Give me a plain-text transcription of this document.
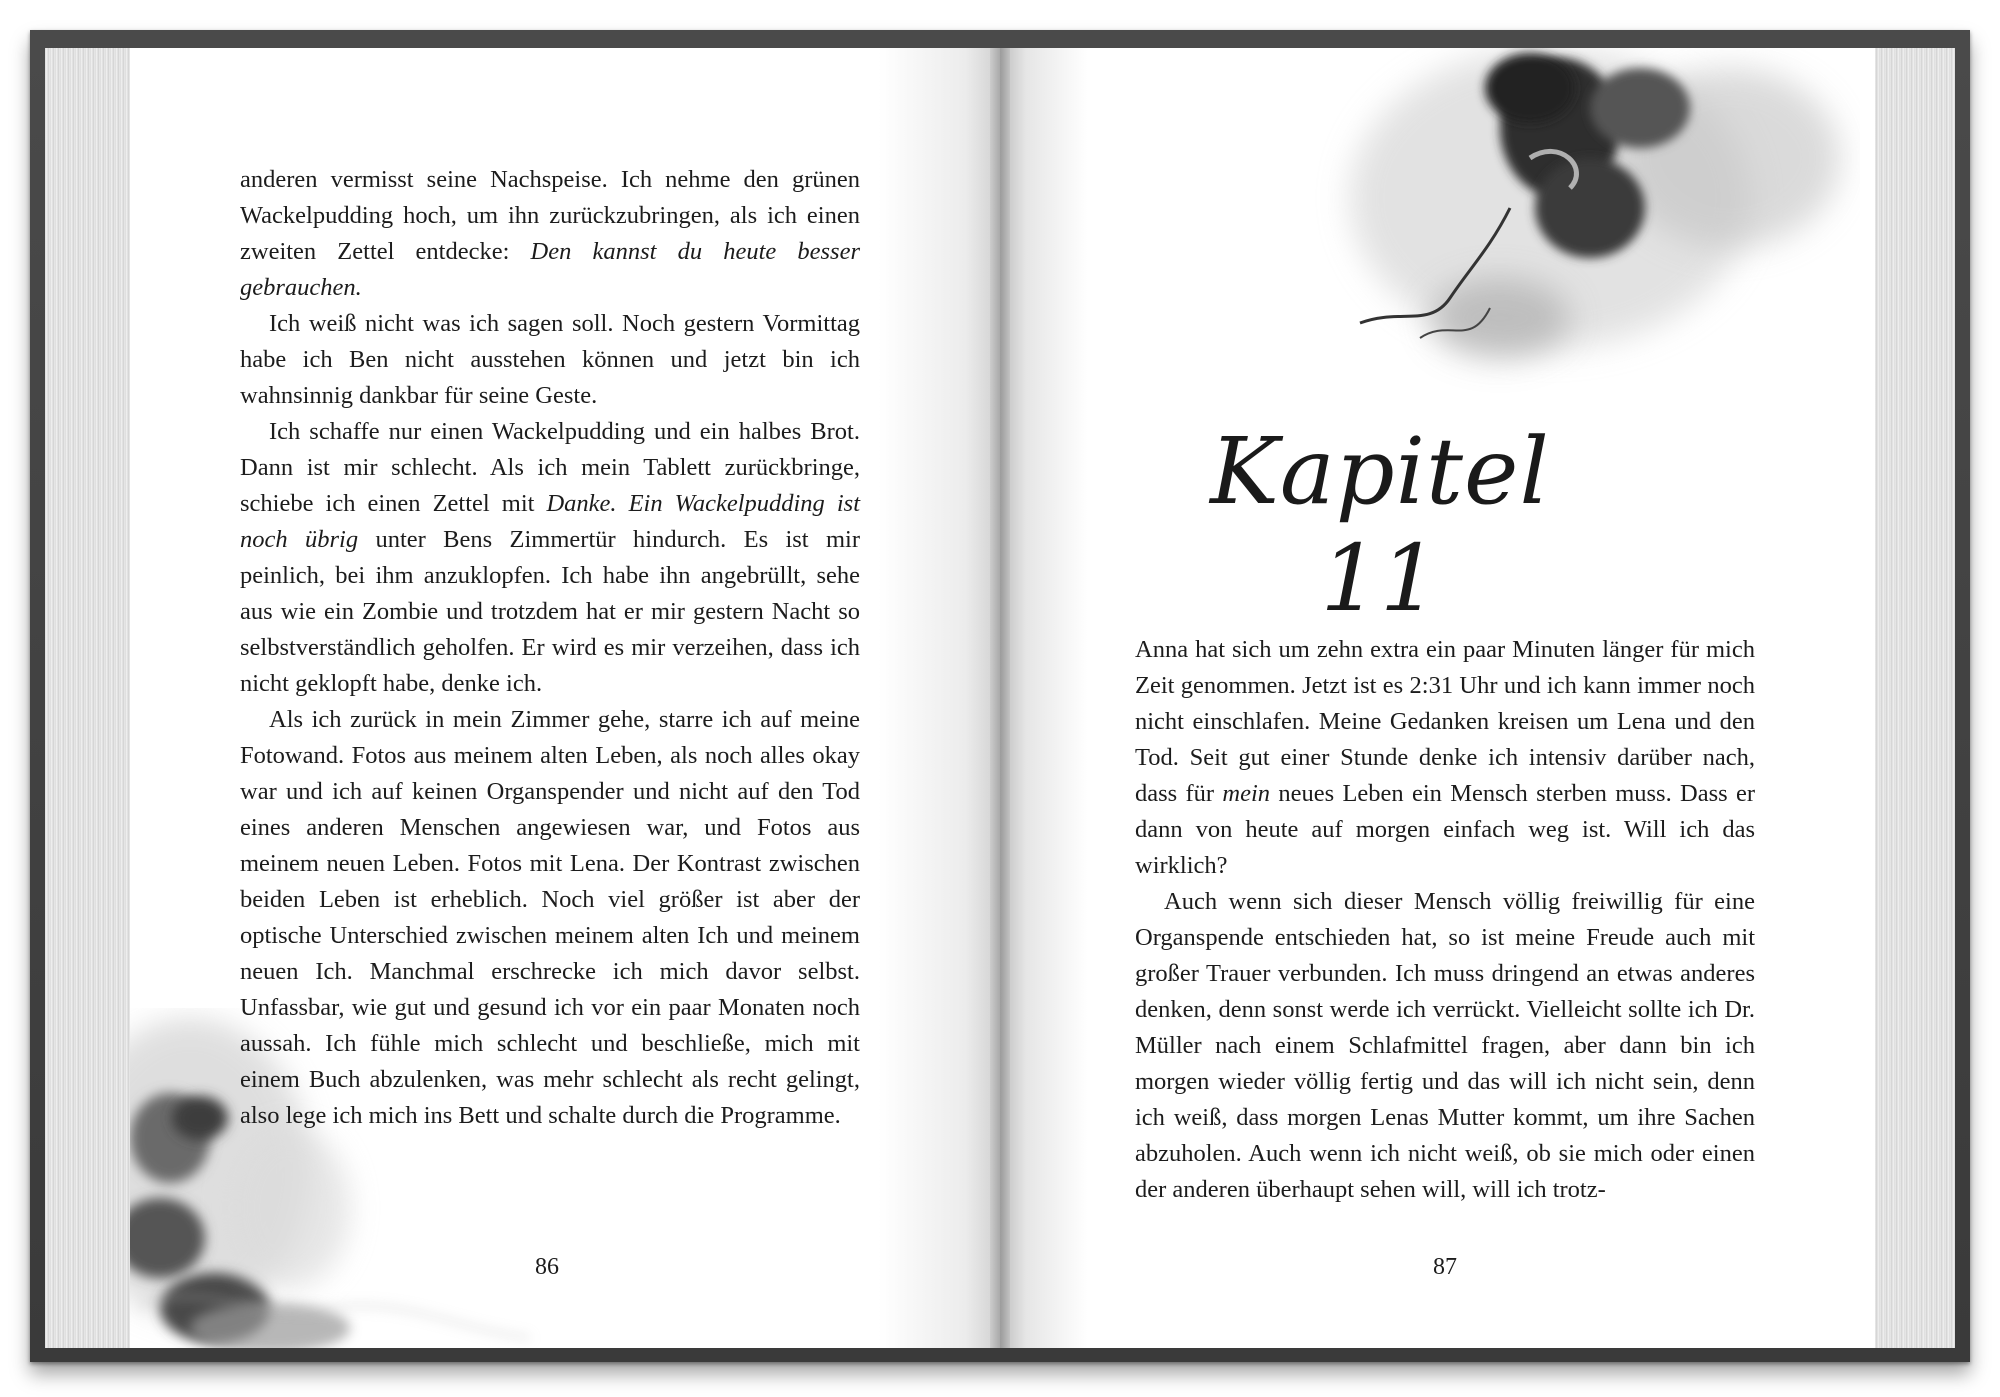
anderen vermisst seine Nachspeise. Ich nehme den grünen Wackelpudding hoch, um ihn zurückzubringen, als ich einen zweiten Zettel entdecke: Den kannst du heute besser gebrauchen.

Ich weiß nicht was ich sagen soll. Noch gestern Vormittag habe ich Ben nicht ausstehen können und jetzt bin ich wahnsinnig dankbar für seine Geste.

Ich schaffe nur einen Wackelpudding und ein halbes Brot. Dann ist mir schlecht. Als ich mein Tablett zurückbringe, schiebe ich einen Zettel mit Danke. Ein Wackelpudding ist noch übrig unter Bens Zimmertür hindurch. Es ist mir peinlich, bei ihm anzuklopfen. Ich habe ihn angebrüllt, sehe aus wie ein Zombie und trotzdem hat er mir gestern Nacht so selbstverständlich geholfen. Er wird es mir verzeihen, dass ich nicht geklopft habe, denke ich.

Als ich zurück in mein Zimmer gehe, starre ich auf meine Fotowand. Fotos aus meinem alten Leben, als noch alles okay war und ich auf keinen Organspender und nicht auf den Tod eines anderen Menschen angewiesen war, und Fotos aus meinem neuen Leben. Fotos mit Lena. Der Kontrast zwischen beiden Leben ist erheblich. Noch viel größer ist aber der optische Unterschied zwischen meinem alten Ich und meinem neuen Ich. Manchmal erschrecke ich mich davor selbst. Unfassbar, wie gut und gesund ich vor ein paar Monaten noch aussah. Ich fühle mich schlecht und beschließe, mich mit einem Buch abzulenken, was mehr schlecht als recht gelingt, also lege ich mich ins Bett und schalte durch die Programme.

86
Kapitel 11

Anna hat sich um zehn extra ein paar Minuten länger für mich Zeit genommen. Jetzt ist es 2:31 Uhr und ich kann immer noch nicht einschlafen. Meine Gedanken kreisen um Lena und den Tod. Seit gut einer Stunde denke ich intensiv darüber nach, dass für mein neues Leben ein Mensch sterben muss. Dass er dann von heute auf morgen einfach weg ist. Will ich das wirklich?

Auch wenn sich dieser Mensch völlig freiwillig für eine Organspende entschieden hat, so ist meine Freude auch mit großer Trauer verbunden. Ich muss dringend an etwas anderes denken, denn sonst werde ich verrückt. Vielleicht sollte ich Dr. Müller nach einem Schlafmittel fragen, aber dann bin ich morgen wieder völlig fertig und das will ich nicht sein, denn ich weiß, dass morgen Lenas Mutter kommt, um ihre Sachen abzuholen. Auch wenn ich nicht weiß, ob sie mich oder einen der anderen überhaupt sehen will, will ich trotz-

87
